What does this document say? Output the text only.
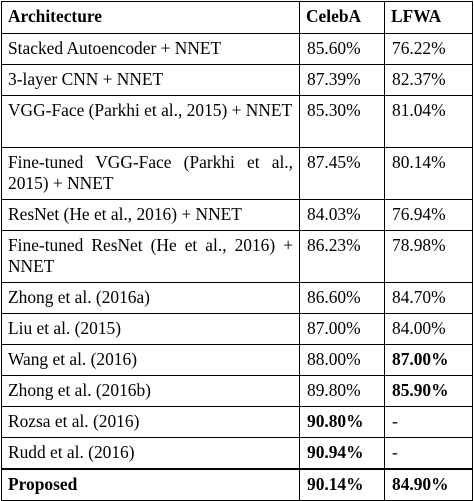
Architecture	CelebA	LFWA
Stacked Autoencoder + NNET	85.60%	76.22%
3-layer CNN + NNET	87.39%	82.37%
VGG-Face (Parkhi et al., 2015) + NNET	85.30%	81.04%
Fine-tuned VGG-Face (Parkhi et al., 2015) + NNET	87.45%	80.14%
ResNet (He et al., 2016) + NNET	84.03%	76.94%
Fine-tuned ResNet (He et al., 2016) + NNET	86.23%	78.98%
Zhong et al. (2016a)	86.60%	84.70%
Liu et al. (2015)	87.00%	84.00%
Wang et al. (2016)	88.00%	87.00%
Zhong et al. (2016b)	89.80%	85.90%
Rozsa et al. (2016)	90.80%	-
Rudd et al. (2016)	90.94%	-
Proposed	90.14%	84.90%
